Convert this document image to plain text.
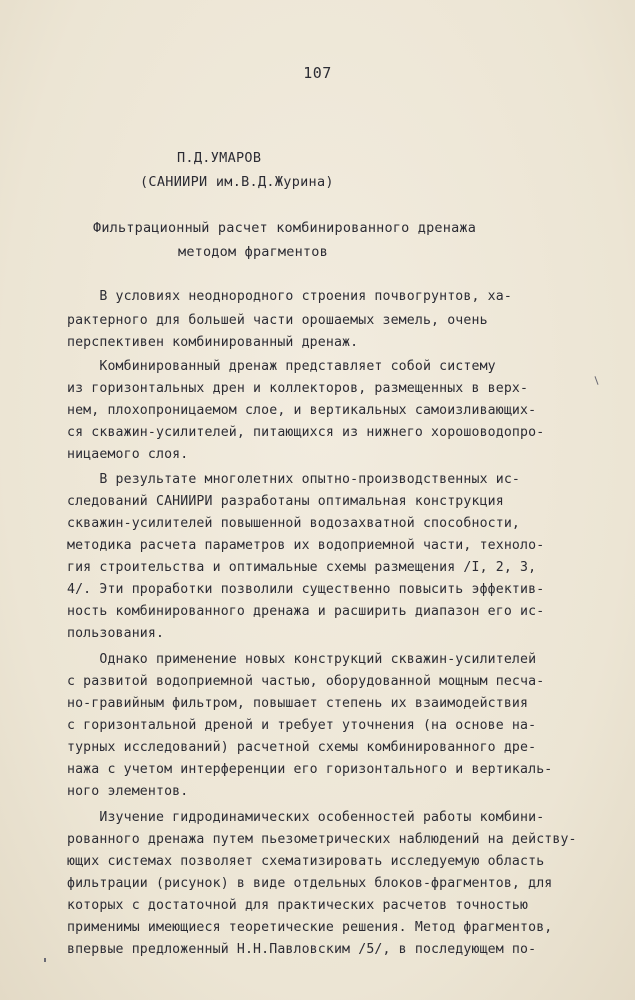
107
П.Д.УМАРОВ
(САНИИРИ им.В.Д.Журина)
Фильтрационный расчет комбинированного дренажа
методом фрагментов
В условиях неоднородного строения почвогрунтов, ха-
рактерного для большей части орошаемых земель, очень
перспективен комбинированный дренаж.
Комбинированный дренаж представляет собой систему
из горизонтальных дрен и коллекторов, размещенных в верх-
нем, плохопроницаемом слое, и вертикальных самоизливающих-
ся скважин-усилителей, питающихся из нижнего хорошоводопро-
ницаемого слоя.
В результате многолетних опытно-производственных ис-
следований САНИИРИ разработаны оптимальная конструкция
скважин-усилителей повышенной водозахватной способности,
методика расчета параметров их водоприемной части, техноло-
гия строительства и оптимальные схемы размещения /I, 2, 3,
4/. Эти проработки позволили существенно повысить эффектив-
ность комбинированного дренажа и расширить диапазон его ис-
пользования.
Однако применение новых конструкций скважин-усилителей
с развитой водоприемной частью, оборудованной мощным песча-
но-гравийным фильтром, повышает степень их взаимодействия
с горизонтальной дреной и требует уточнения (на основе на-
турных исследований) расчетной схемы комбинированного дре-
нажа с учетом интерференции его горизонтального и вертикаль-
ного элементов.
Изучение гидродинамических особенностей работы комбини-
рованного дренажа путем пьезометрических наблюдений на действу-
ющих системах позволяет схематизировать исследуемую область
фильтрации (рисунок) в виде отдельных блоков-фрагментов, для
которых с достаточной для практических расчетов точностью
применимы имеющиеся теоретические решения. Метод фрагментов,
впервые предложенный Н.Н.Павловским /5/, в последующем по-
